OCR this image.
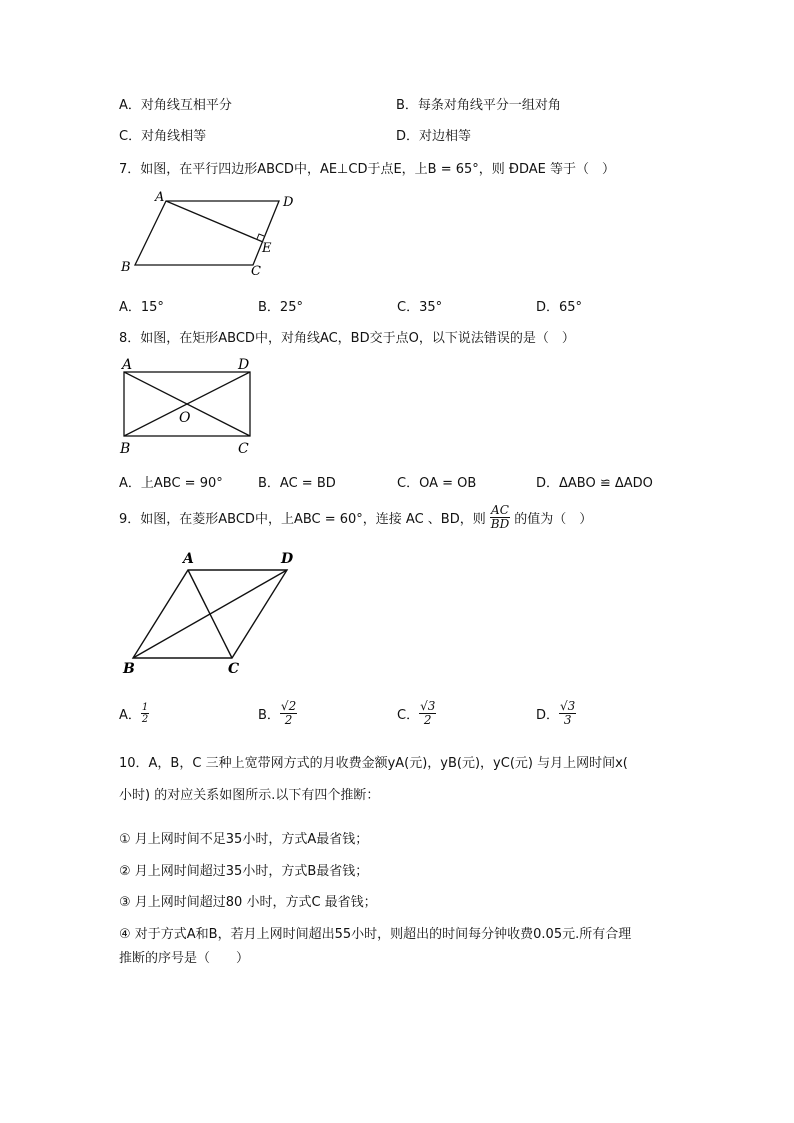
A．对角线互相平分	B．每条对角线平分一组对角
C．对角线相等	D．对边相等
7．如图，在平行四边形ABCD中，AE⊥CD于点E，上B = 65°，则 ÐDAE 等于（　）
A	D
E
B	C
A．15°	B．25°	C．35°	D．65°
8．如图，在矩形ABCD中，对角线AC，BD交于点O，以下说法错误的是（　）
A	D
O
B	C
A．上ABC = 90°	B．AC = BD	C．OA = OB	D．ΔABO ≌ ΔADO
9．如图，在菱形ABCD中，上ABC = 60°，连接 AC 、BD，则 $\frac{AC}{BD}$ 的值为（　）
A	D
B	C
A． $\frac{1}{2}$	B． $\frac{√2}{2}$	C． $\frac{√3}{2}$	D． $\frac{√3}{3}$
10．A，B，C 三种上宽带网方式的月收费金额yA(元)，yB(元)，yC(元) 与月上网时间x(
小时) 的对应关系如图所示.以下有四个推断：
① 月上网时间不足35小时，方式A最省钱；
② 月上网时间超过35小时，方式B最省钱；
③ 月上网时间超过80 小时，方式C 最省钱；
④ 对于方式A和B，若月上网时间超出55小时，则超出的时间每分钟收费0.05元.所有合理
推断的序号是（　　）
